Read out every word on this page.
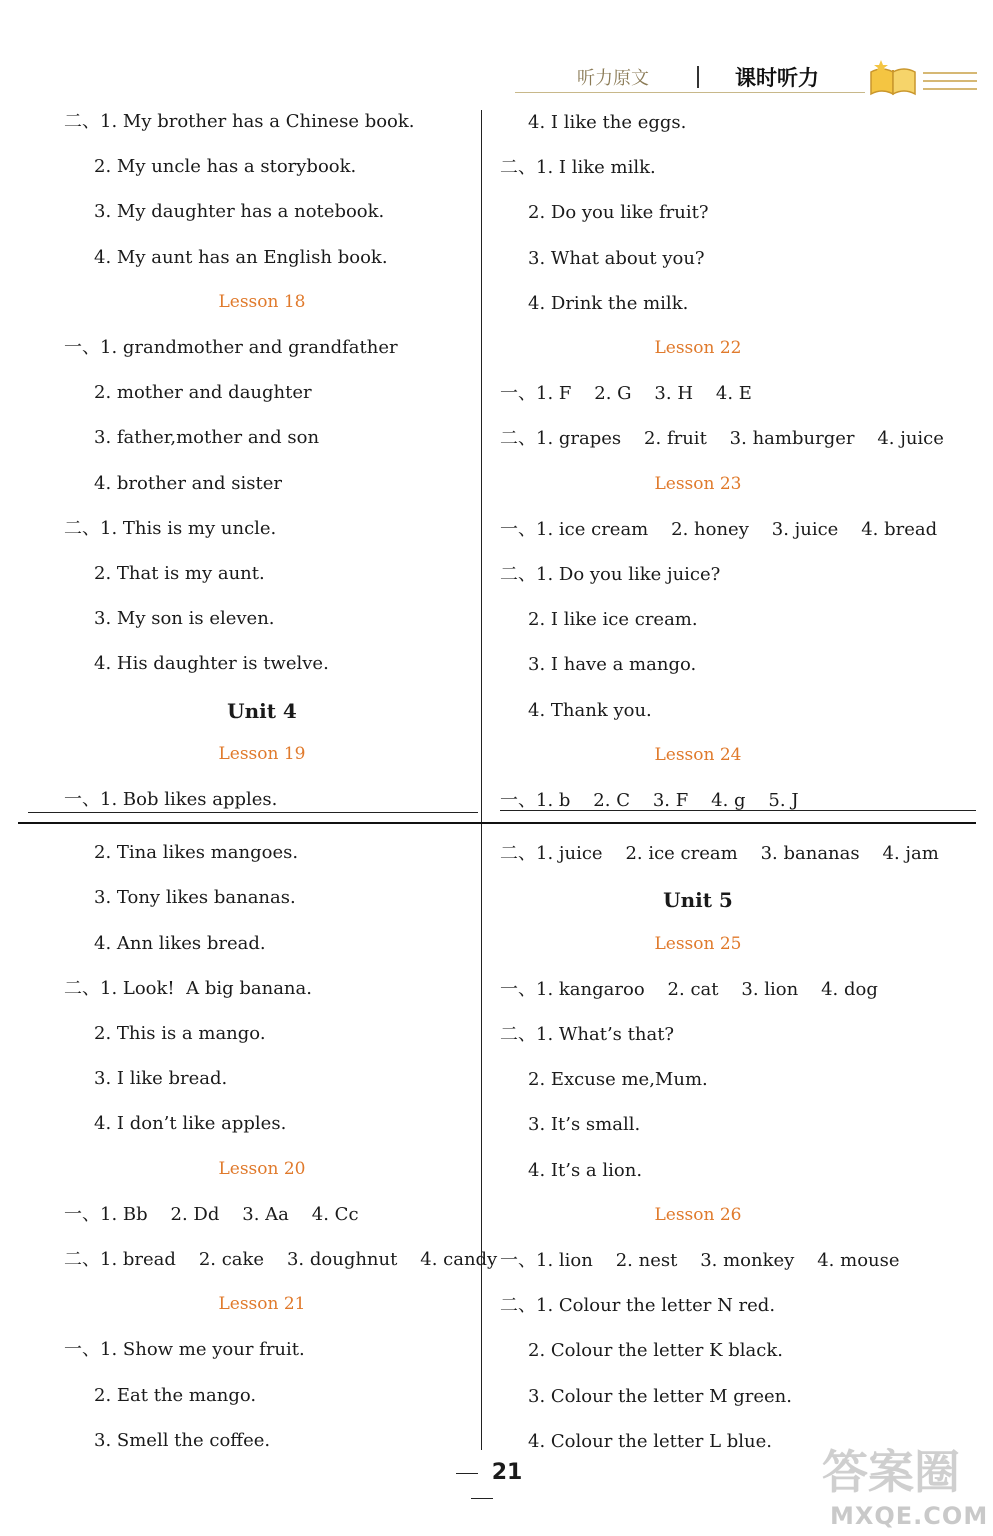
听力原文	课时听力
二、1. My brother has a Chinese book.
2. My uncle has a storybook.
3. My daughter has a notebook.
4. My aunt has an English book.
Lesson 18
一、1. grandmother and grandfather
2. mother and daughter
3. father,mother and son
4. brother and sister
二、1. This is my uncle.
2. That is my aunt.
3. My son is eleven.
4. His daughter is twelve.
Unit 4
Lesson 19
一、1. Bob likes apples.
2. Tina likes mangoes.
3. Tony likes bananas.
4. Ann likes bread.
二、1. Look!  A big banana.
2. This is a mango.
3. I like bread.
4. I don’t like apples.
Lesson 20
一、1. Bb    2. Dd    3. Aa    4. Cc
二、1. bread    2. cake    3. doughnut    4. candy
Lesson 21
一、1. Show me your fruit.
2. Eat the mango.
3. Smell the coffee.
4. I like the eggs.
二、1. I like milk.
2. Do you like fruit?
3. What about you?
4. Drink the milk.
Lesson 22
一、1. F    2. G    3. H    4. E
二、1. grapes    2. fruit    3. hamburger    4. juice
Lesson 23
一、1. ice cream    2. honey    3. juice    4. bread
二、1. Do you like juice?
2. I like ice cream.
3. I have a mango.
4. Thank you.
Lesson 24
一、1. b    2. C    3. F    4. g    5. J
二、1. juice    2. ice cream    3. bananas    4. jam
Unit 5
Lesson 25
一、1. kangaroo    2. cat    3. lion    4. dog
二、1. What’s that?
2. Excuse me,Mum.
3. It’s small.
4. It’s a lion.
Lesson 26
一、1. lion    2. nest    3. monkey    4. mouse
二、1. Colour the letter N red.
2. Colour the letter K black.
3. Colour the letter M green.
4. Colour the letter L blue.
21	答案圈
MXQE.COM
